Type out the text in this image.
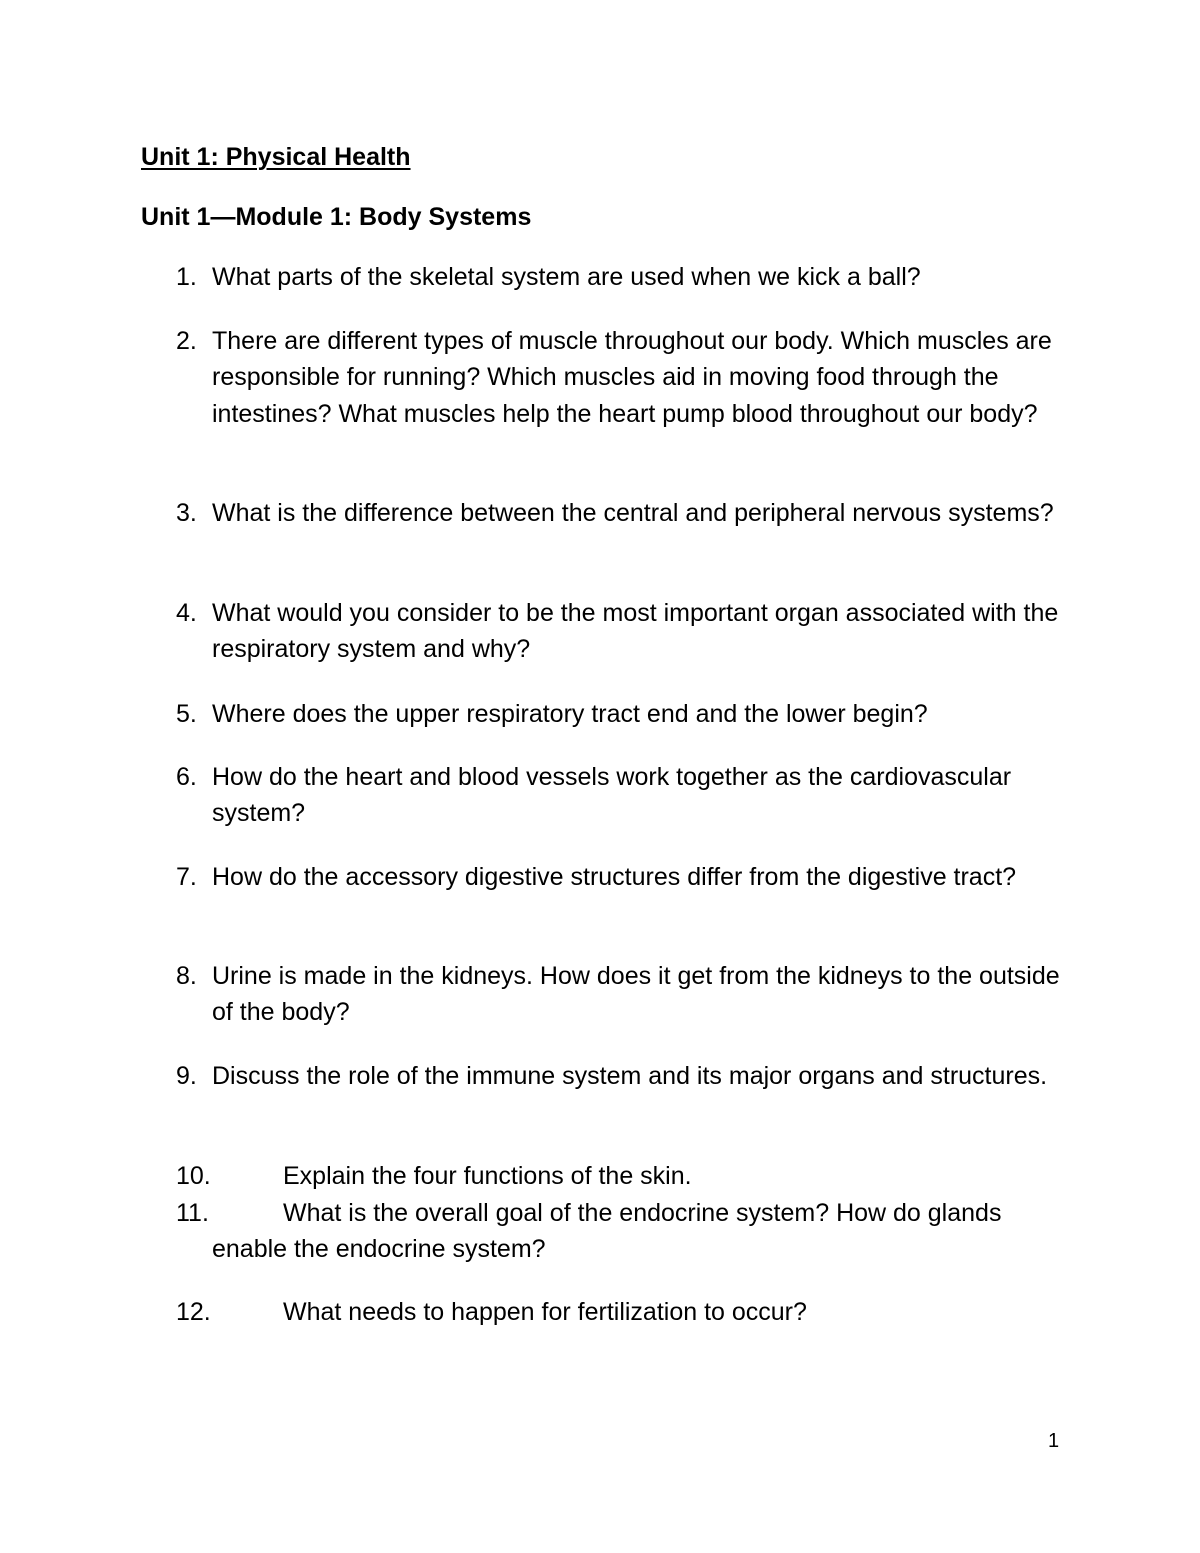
Unit 1: Physical Health
Unit 1—Module 1: Body Systems
1. What parts of the skeletal system are used when we kick a ball?
2. There are different types of muscle throughout our body. Which muscles are responsible for running? Which muscles aid in moving food through the intestines? What muscles help the heart pump blood throughout our body?
3. What is the difference between the central and peripheral nervous systems?
4. What would you consider to be the most important organ associated with the respiratory system and why?
5. Where does the upper respiratory tract end and the lower begin?
6. How do the heart and blood vessels work together as the cardiovascular system?
7. How do the accessory digestive structures differ from the digestive tract?
8. Urine is made in the kidneys. How does it get from the kidneys to the outside of the body?
9. Discuss the role of the immune system and its major organs and structures.
10.	Explain the four functions of the skin.
11.	What is the overall goal of the endocrine system? How do glands enable the endocrine system?
12.	What needs to happen for fertilization to occur?
1
